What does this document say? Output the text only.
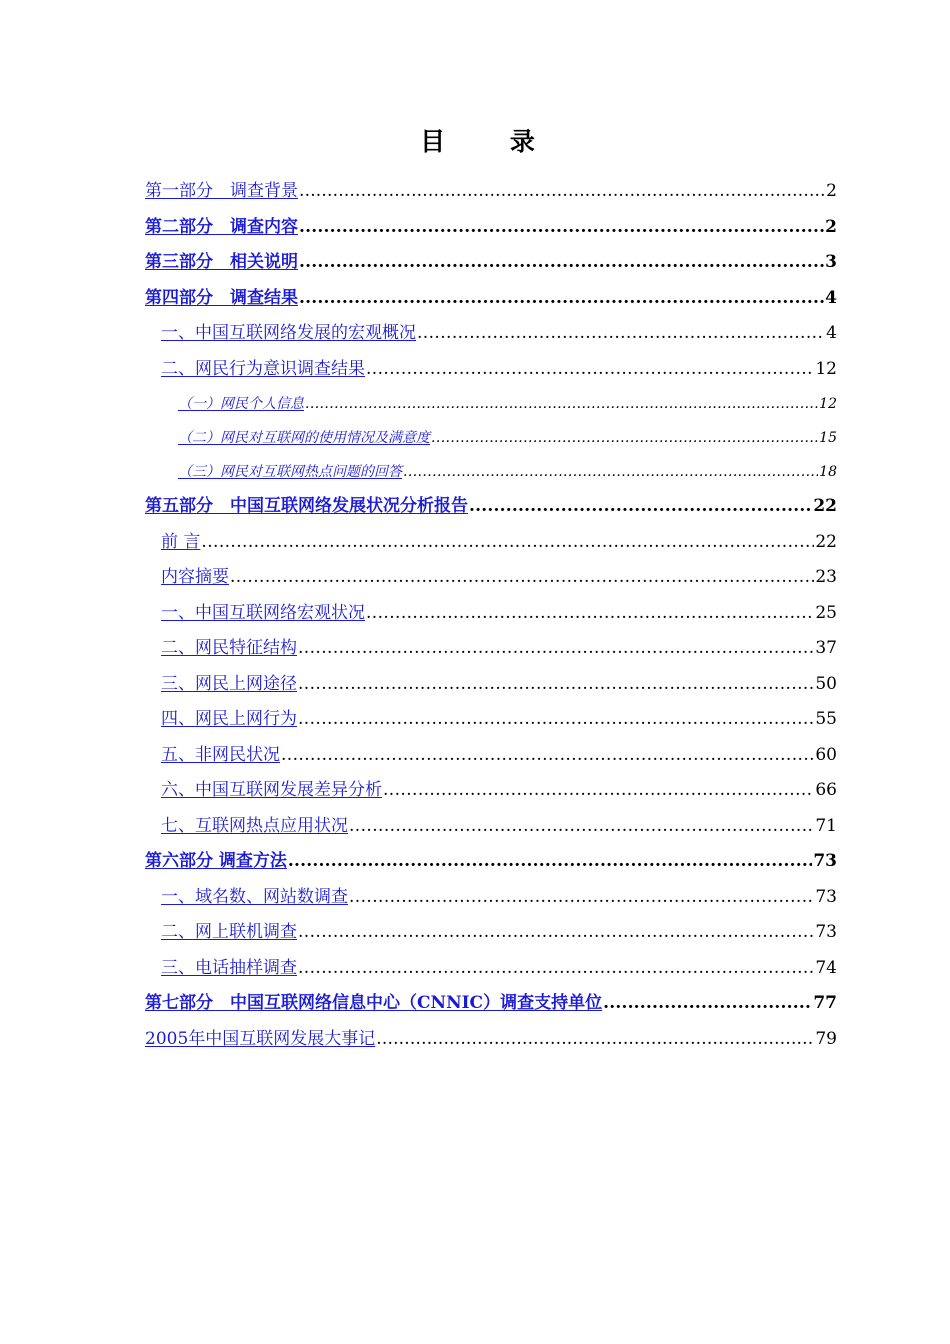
目 录
第一部分　调查背景 .....	2
第二部分　调查内容 .....	2
第三部分　相关说明 .....	3
第四部分　调查结果 .....	4
一、中国互联网络发展的宏观概况 .....	4
二、网民行为意识调查结果 .....	12
（一）网民个人信息 .....	12
（二）网民对互联网的使用情况及满意度 .....	15
（三）网民对互联网热点问题的回答 .....	18
第五部分　中国互联网络发展状况分析报告 .....	22
前 言 .....	22
内容摘要 .....	23
一、中国互联网络宏观状况 .....	25
二、网民特征结构 .....	37
三、网民上网途径 .....	50
四、网民上网行为 .....	55
五、非网民状况 .....	60
六、中国互联网发展差异分析 .....	66
七、互联网热点应用状况 .....	71
第六部分 调查方法 .....	73
一、域名数、网站数调查 .....	73
二、网上联机调查 .....	73
三、电话抽样调查 .....	74
第七部分　中国互联网络信息中心（CNNIC）调查支持单位 .....	77
2005年中国互联网发展大事记 .....	79
